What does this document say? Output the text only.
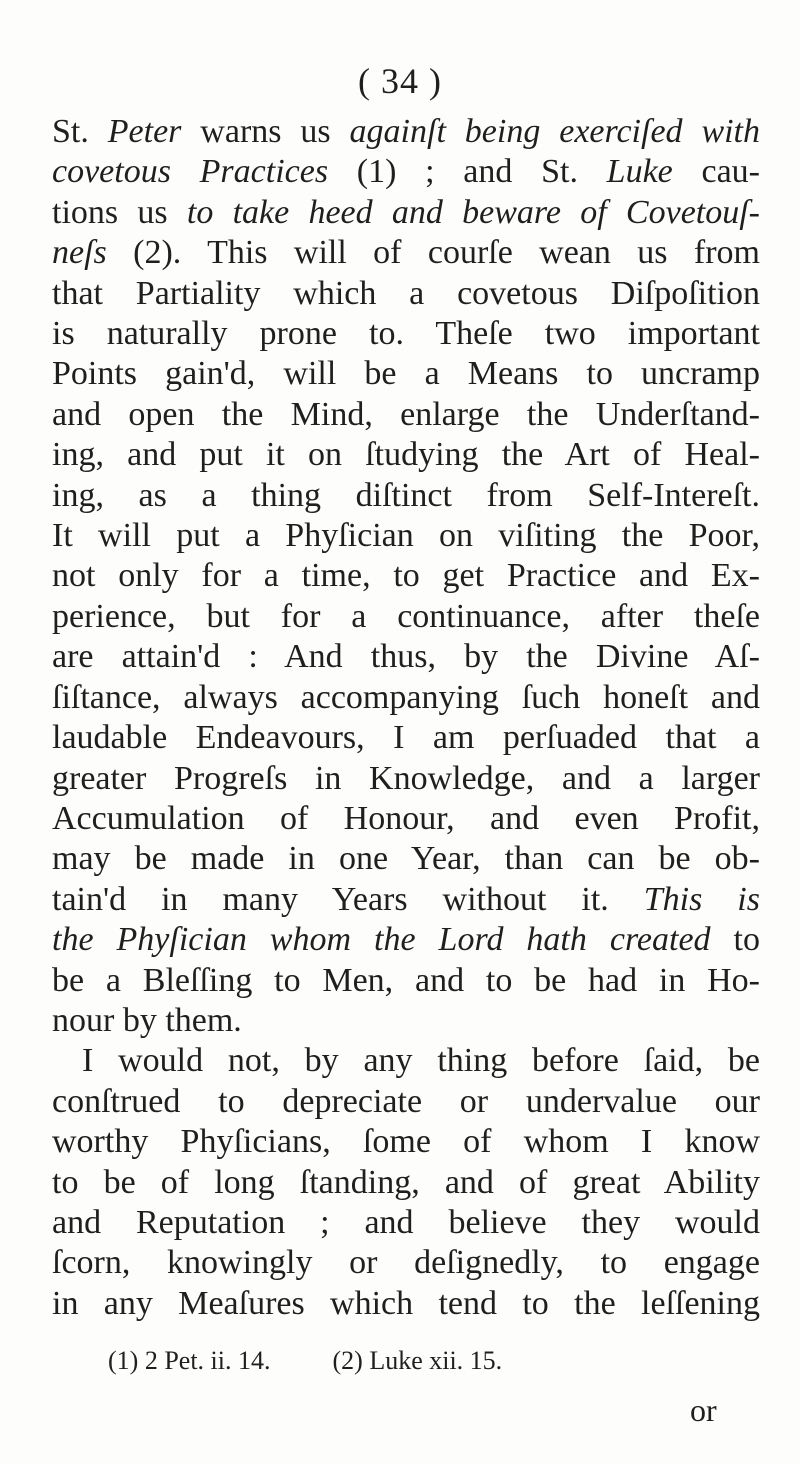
( 34 )
St. Peter warns us againſt being exerciſed with
covetous Practices (1) ; and St. Luke cau-
tions us to take heed and beware of Covetouſ-
neſs (2). This will of courſe wean us from
that Partiality which a covetous Diſpoſition
is naturally prone to. Theſe two important
Points gain'd, will be a Means to uncramp
and open the Mind, enlarge the Underſtand-
ing, and put it on ſtudying the Art of Heal-
ing, as a thing diſtinct from Self-Intereſt.
It will put a Phyſician on viſiting the Poor,
not only for a time, to get Practice and Ex-
perience, but for a continuance, after theſe
are attain'd : And thus, by the Divine Aſ-
ſiſtance, always accompanying ſuch honeſt and
laudable Endeavours, I am perſuaded that a
greater Progreſs in Knowledge, and a larger
Accumulation of Honour, and even Profit,
may be made in one Year, than can be ob-
tain'd in many Years without it. This is
the Phyſician whom the Lord hath created to
be a Bleſſing to Men, and to be had in Ho-
nour by them.
I would not, by any thing before ſaid, be
conſtrued to depreciate or undervalue our
worthy Phyſicians, ſome of whom I know
to be of long ſtanding, and of great Ability
and Reputation ; and believe they would
ſcorn, knowingly or deſignedly, to engage
in any Meaſures which tend to the leſſening
(1) 2 Pet. ii. 14. (2) Luke xii. 15.
or
